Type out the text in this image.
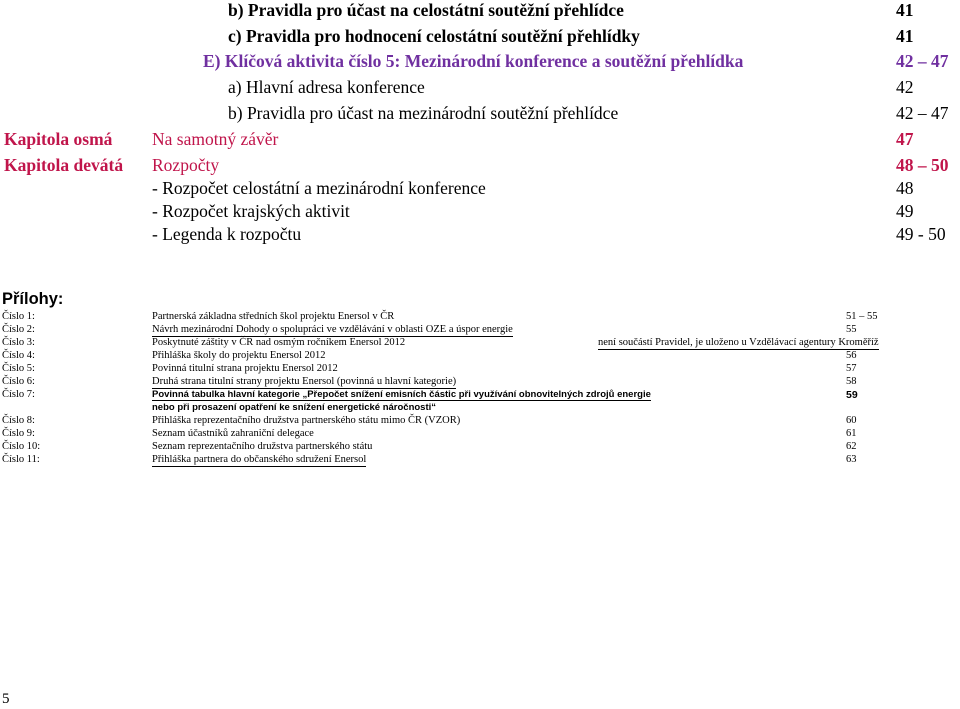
b) Pravidla pro účast na celostátní soutěžní přehlídce	41
c) Pravidla pro hodnocení celostátní soutěžní přehlídky	41
E) Klíčová aktivita číslo 5: Mezinárodní konference a soutěžní přehlídka	42 – 47
a) Hlavní adresa konference	42
b) Pravidla pro účast na mezinárodní soutěžní přehlídce	42 – 47
Kapitola osmá Na samotný závěr	47
Kapitola devátá Rozpočty	48 – 50
- Rozpočet celostátní a mezinárodní konference	48
- Rozpočet krajských aktivit	49
- Legenda k rozpočtu	49 - 50
Přílohy:
Číslo 1:	Partnerská základna středních škol projektu Enersol v ČR	51 – 55
Číslo 2:	Návrh mezinárodní Dohody o spolupráci ve vzdělávání v oblasti OZE a úspor energie	55
Číslo 3:	Poskytnuté záštity v ČR nad osmým ročníkem Enersol 2012	není součástí Pravidel, je uloženo u Vzdělávací agentury Kroměříž
Číslo 4:	Přihláška školy do projektu Enersol 2012	56
Číslo 5:	Povinná titulní strana projektu Enersol 2012	57
Číslo 6:	Druhá strana titulní strany projektu Enersol (povinná u hlavní kategorie)	58
Číslo 7:	Povinná tabulka hlavní kategorie „Přepočet snížení emisních částic při využívání obnovitelných zdrojů energie	59
nebo při prosazení opatření ke snížení energetické náročnosti“
Číslo 8:	Přihláška reprezentačního družstva partnerského státu mimo ČR (VZOR)	60
Číslo 9:	Seznam účastníků zahraniční delegace	61
Číslo 10:	Seznam reprezentačního družstva partnerského státu	62
Číslo 11:	Přihláška partnera do občanského sdružení Enersol	63
5
